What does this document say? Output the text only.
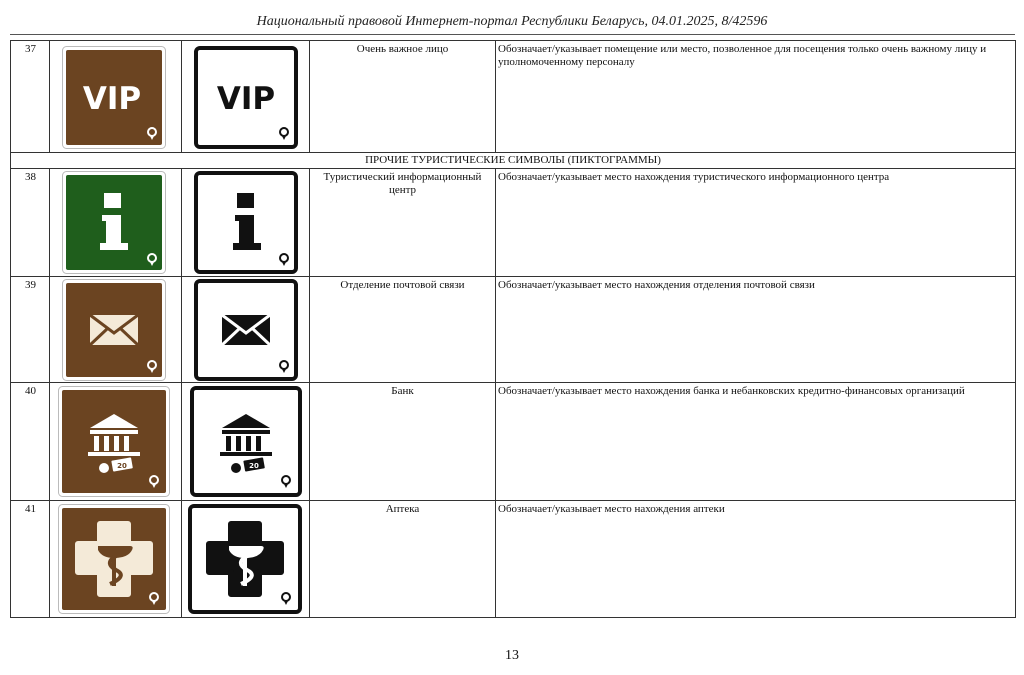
Национальный правовой Интернет-портал Республики Беларусь, 04.01.2025, 8/42596
37	VIP	VIP	Очень важное лицо	Обозначает/указывает помещение или место, позволенное для посещения только очень важному лицу и уполномоченному персоналу
ПРОЧИЕ ТУРИСТИЧЕСКИЕ СИМВОЛЫ (ПИКТОГРАММЫ)				
38			Туристический информационный центр	Обозначает/указывает место нахождения туристического информационного центра
39			Отделение почтовой связи	Обозначает/указывает место нахождения отделения почтовой связи
40	20	20	Банк	Обозначает/указывает место нахождения банка и небанковских кредитно-финансовых организаций
41			Аптека	Обозначает/указывает место нахождения аптеки
13
